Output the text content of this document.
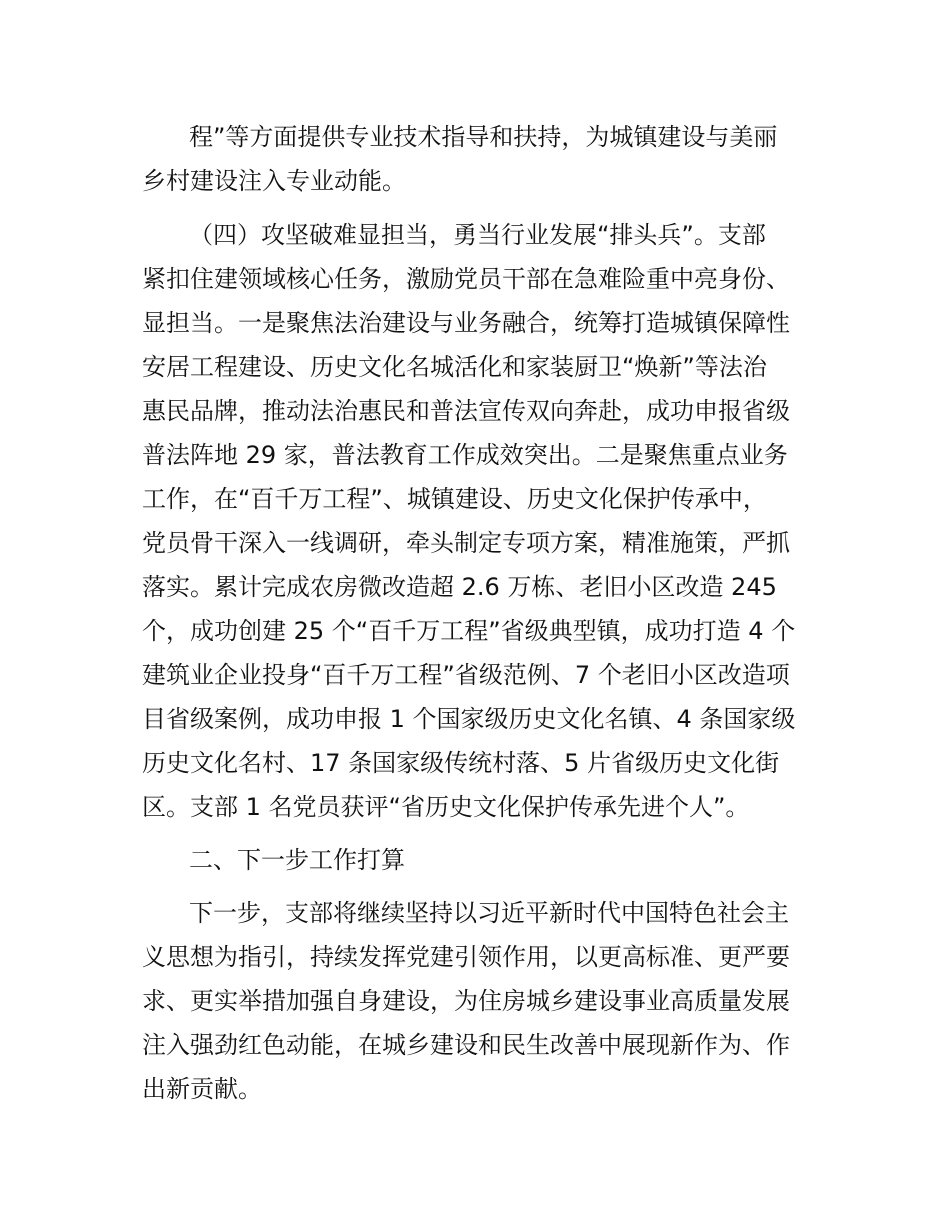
程”等方面提供专业技术指导和扶持，为城镇建设与美丽
乡村建设注入专业动能。
（四）攻坚破难显担当，勇当行业发展“排头兵”。支部
紧扣住建领域核心任务，激励党员干部在急难险重中亮身份、
显担当。一是聚焦法治建设与业务融合，统筹打造城镇保障性
安居工程建设、历史文化名城活化和家装厨卫“焕新”等法治
惠民品牌，推动法治惠民和普法宣传双向奔赴，成功申报省级
普法阵地 29 家，普法教育工作成效突出。二是聚焦重点业务
工作，在“百千万工程”、城镇建设、历史文化保护传承中，
党员骨干深入一线调研，牵头制定专项方案，精准施策，严抓
落实。累计完成农房微改造超 2.6 万栋、老旧小区改造 245
个，成功创建 25 个“百千万工程”省级典型镇，成功打造 4 个
建筑业企业投身“百千万工程”省级范例、7 个老旧小区改造项
目省级案例，成功申报 1 个国家级历史文化名镇、4 条国家级
历史文化名村、17 条国家级传统村落、5 片省级历史文化街
区。支部 1 名党员获评“省历史文化保护传承先进个人”。
二、下一步工作打算
下一步，支部将继续坚持以习近平新时代中国特色社会主
义思想为指引，持续发挥党建引领作用，以更高标准、更严要
求、更实举措加强自身建设，为住房城乡建设事业高质量发展
注入强劲红色动能，在城乡建设和民生改善中展现新作为、作
出新贡献。
